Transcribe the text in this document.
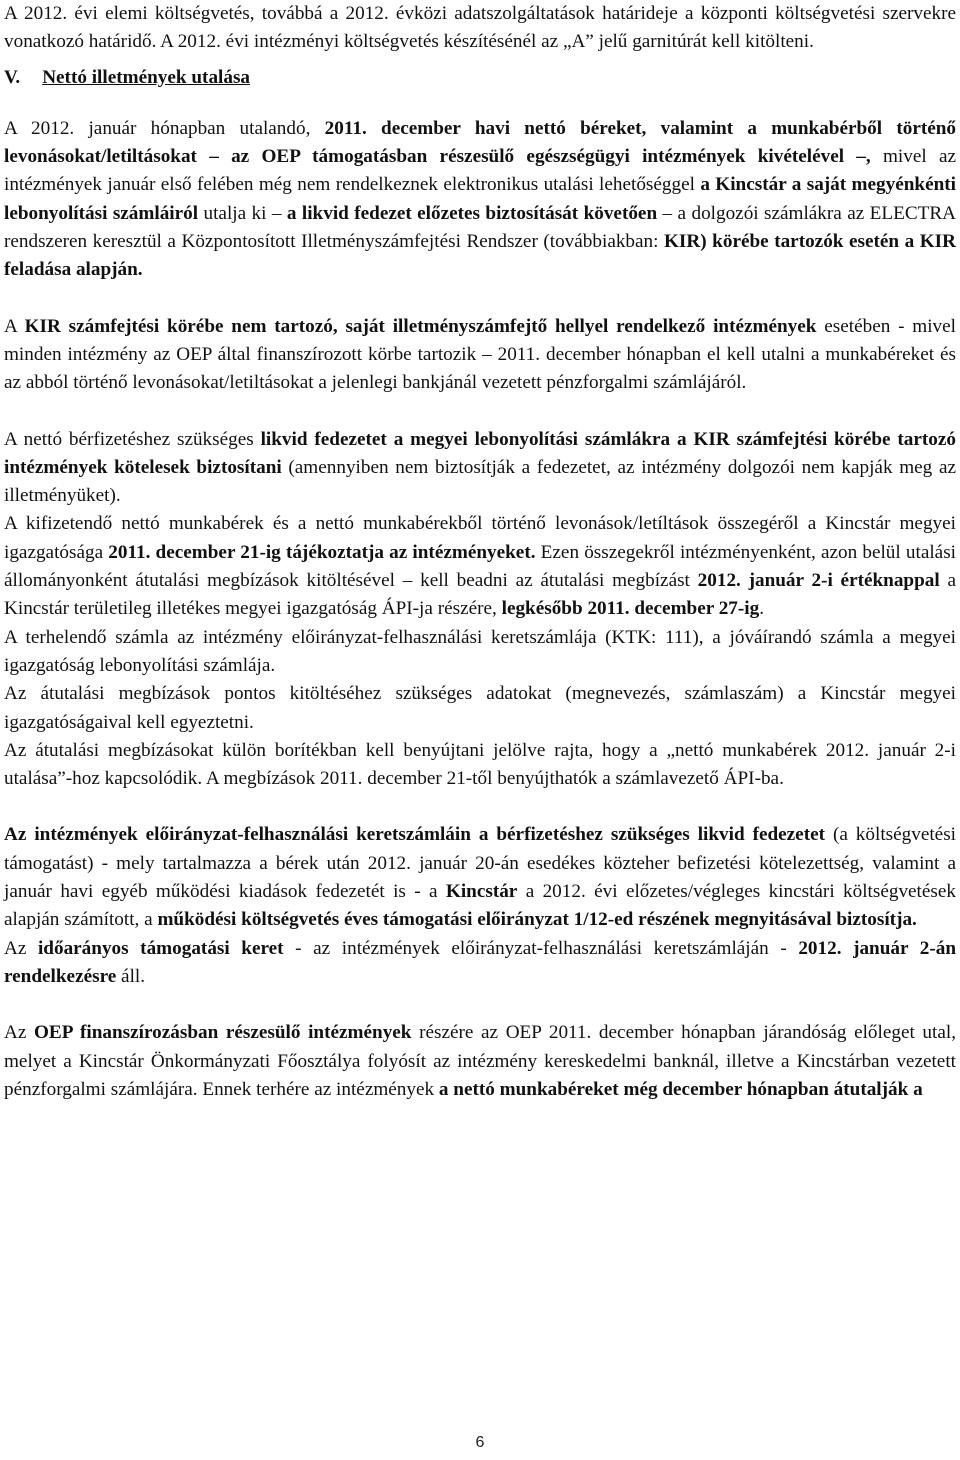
A 2012. évi elemi költségvetés, továbbá a 2012. évközi adatszolgáltatások határideje a központi költségvetési szervekre vonatkozó határidő. A 2012. évi intézményi költségvetés készítésénél az „A” jelű garnitúrát kell kitölteni.

V. Nettó illetmények utalása

A 2012. január hónapban utalandó, 2011. december havi nettó béreket, valamint a munkabérből történő levonásokat/letiltásokat – az OEP támogatásban részesülő egészségügyi intézmények kivételével –, mivel az intézmények január első felében még nem rendelkeznek elektronikus utalási lehetőséggel a Kincstár a saját megyénkénti lebonyolítási számláiról utalja ki – a likvid fedezet előzetes biztosítását követően – a dolgozói számlákra az ELECTRA rendszeren keresztül a Központosított Illetményszámfejtési Rendszer (továbbiakban: KIR) körébe tartozók esetén a KIR feladása alapján.

A KIR számfejtési körébe nem tartozó, saját illetményszámfejtő hellyel rendelkező intézmények esetében - mivel minden intézmény az OEP által finanszírozott körbe tartozik – 2011. december hónapban el kell utalni a munkabéreket és az abból történő levonásokat/letiltásokat a jelenlegi bankjánál vezetett pénzforgalmi számlájáról.

A nettó bérfizetéshez szükséges likvid fedezetet a megyei lebonyolítási számlákra a KIR számfejtési körébe tartozó intézmények kötelesek biztosítani (amennyiben nem biztosítják a fedezetet, az intézmény dolgozói nem kapják meg az illetményüket).

A kifizetendő nettó munkabérek és a nettó munkabérekből történő levonások/letíltások összegéről a Kincstár megyei igazgatósága 2011. december 21-ig tájékoztatja az intézményeket. Ezen összegekről intézményenként, azon belül utalási állományonként átutalási megbízások kitöltésével – kell beadni az átutalási megbízást 2012. január 2-i értéknappal a Kincstár területileg illetékes megyei igazgatóság ÁPI-ja részére, legkésőbb 2011. december 27-ig.

A terhelendő számla az intézmény előirányzat-felhasználási keretszámlája (KTK: 111), a jóváírandó számla a megyei igazgatóság lebonyolítási számlája.

Az átutalási megbízások pontos kitöltéséhez szükséges adatokat (megnevezés, számlaszám) a Kincstár megyei igazgatóságaival kell egyeztetni.

Az átutalási megbízásokat külön borítékban kell benyújtani jelölve rajta, hogy a „nettó munkabérek 2012. január 2-i utalása”-hoz kapcsolódik. A megbízások 2011. december 21-től benyújthatók a számlavezető ÁPI-ba.

Az intézmények előirányzat-felhasználási keretszámláin a bérfizetéshez szükséges likvid fedezetet (a költségvetési támogatást) - mely tartalmazza a bérek után 2012. január 20-án esedékes közteher befizetési kötelezettség, valamint a január havi egyéb működési kiadások fedezetét is - a Kincstár a 2012. évi előzetes/végleges kincstári költségvetések alapján számított, a működési költségvetés éves támogatási előirányzat 1/12-ed részének megnyitásával biztosítja.

Az időarányos támogatási keret - az intézmények előirányzat-felhasználási keretszámláján - 2012. január 2-án rendelkezésre áll.

Az OEP finanszírozásban részesülő intézmények részére az OEP 2011. december hónapban járandóság előleget utal, melyet a Kincstár Önkormányzati Főosztálya folyósít az intézmény kereskedelmi banknál, illetve a Kincstárban vezetett pénzforgalmi számlájára. Ennek terhére az intézmények a nettó munkabéreket még december hónapban átutalják a

6
